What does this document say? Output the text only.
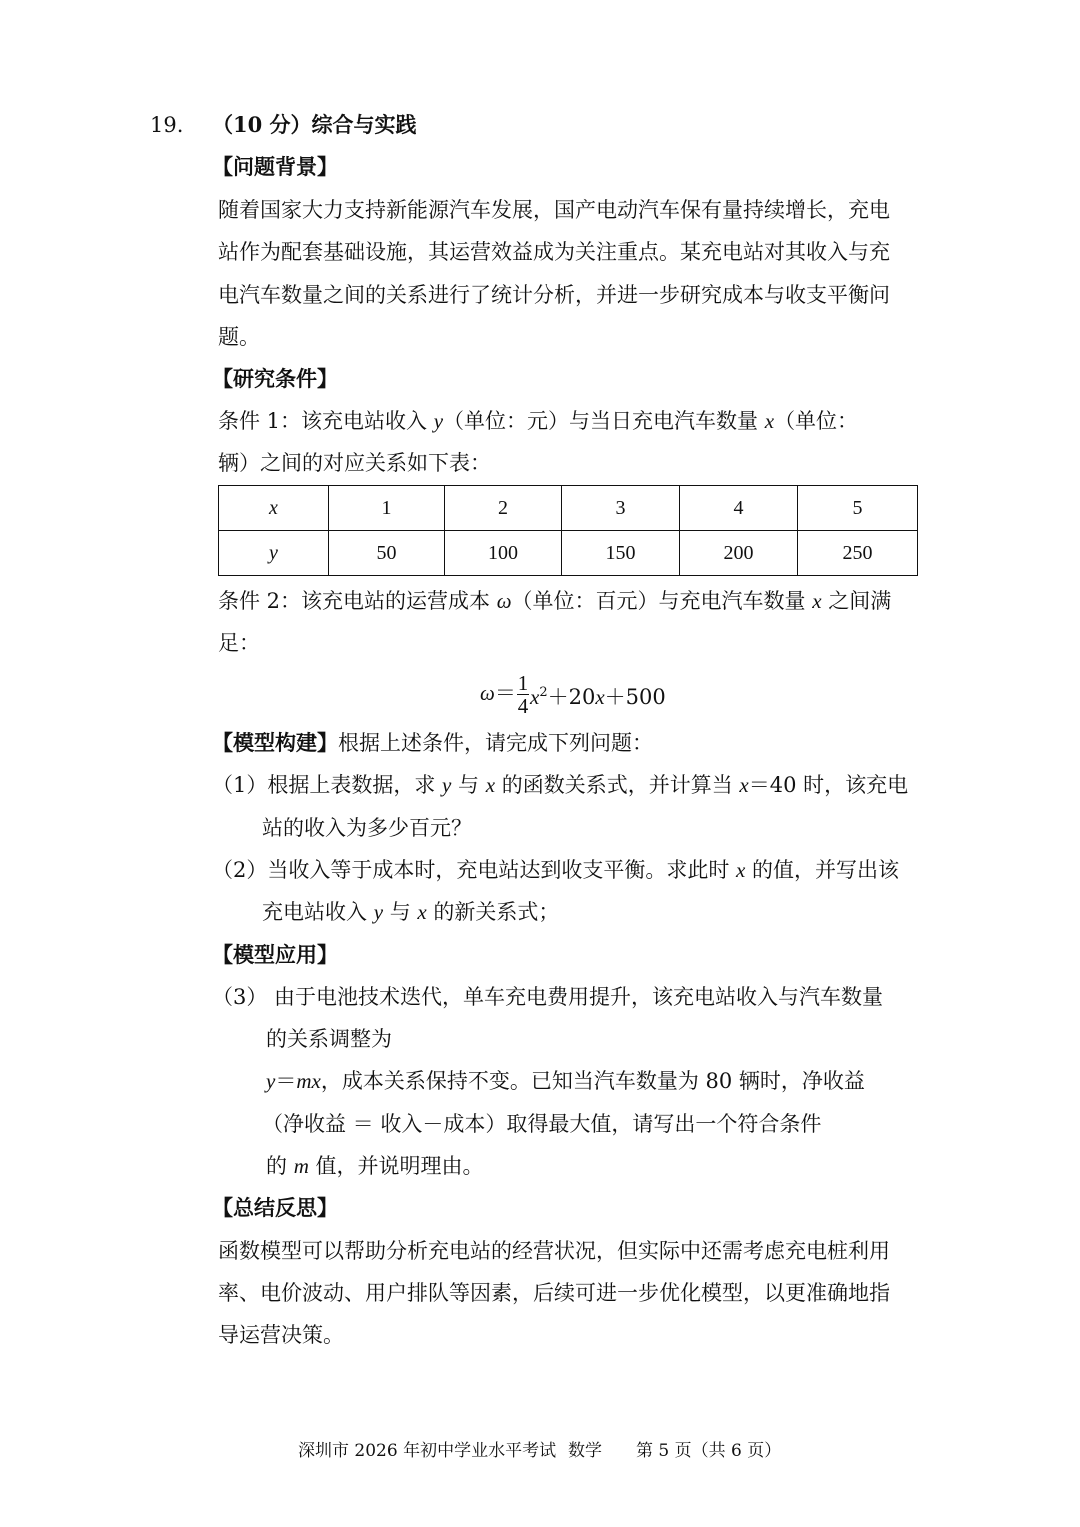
19. （10 分）综合与实践
【问题背景】
随着国家大力支持新能源汽车发展，国产电动汽车保有量持续增长，充电
站作为配套基础设施，其运营效益成为关注重点。某充电站对其收入与充
电汽车数量之间的关系进行了统计分析，并进一步研究成本与收支平衡问
题。
【研究条件】
条件 1：该充电站收入 y（单位：元）与当日充电汽车数量 x（单位：
辆）之间的对应关系如下表：
x	1	2	3	4	5
y	50	100	150	200	250
条件 2：该充电站的运营成本 ω（单位：百元）与充电汽车数量 x 之间满
足：
ω＝ 1
4 $x^2+20x+500$
【模型构建】根据上述条件，请完成下列问题：
（1）根据上表数据，求 y 与 x 的函数关系式，并计算当 x＝40 时，该充电
站的收入为多少百元？
（2）当收入等于成本时，充电站达到收支平衡。求此时 x 的值，并写出该
充电站收入 y 与 x 的新关系式；
【模型应用】
（3） 由于电池技术迭代，单车充电费用提升，该充电站收入与汽车数量
的关系调整为
y＝mx，成本关系保持不变。已知当汽车数量为 80 辆时，净收益
（净收益 ＝ 收入－成本）取得最大值，请写出一个符合条件
的 m 值，并说明理由。
【总结反思】
函数模型可以帮助分析充电站的经营状况，但实际中还需考虑充电桩利用
率、电价波动、用户排队等因素，后续可进一步优化模型，以更准确地指
导运营决策。
深圳市 2026 年初中学业水平考试 数学 第 5 页（共 6 页）
